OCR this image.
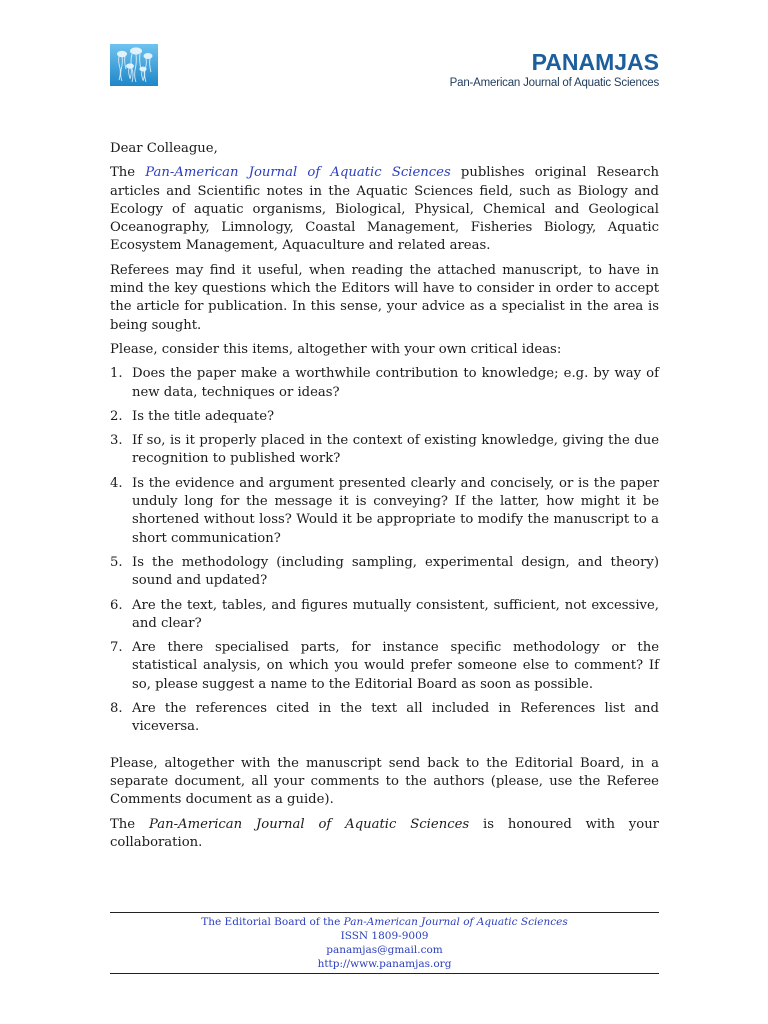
PANAMJAS
Pan-American Journal of Aquatic Sciences

Dear Colleague,

The Pan-American Journal of Aquatic Sciences publishes original Research articles and Scientific notes in the Aquatic Sciences field, such as Biology and Ecology of aquatic organisms, Biological, Physical, Chemical and Geological Oceanography, Limnology, Coastal Management, Fisheries Biology, Aquatic Ecosystem Management, Aquaculture and related areas.

Referees may find it useful, when reading the attached manuscript, to have in mind the key questions which the Editors will have to consider in order to accept the article for publication. In this sense, your advice as a specialist in the area is being sought.

Please, consider this items, altogether with your own critical ideas:

1. Does the paper make a worthwhile contribution to knowledge; e.g. by way of new data, techniques or ideas?
2. Is the title adequate?
3. If so, is it properly placed in the context of existing knowledge, giving the due recognition to published work?
4. Is the evidence and argument presented clearly and concisely, or is the paper unduly long for the message it is conveying? If the latter, how might it be shortened without loss? Would it be appropriate to modify the manuscript to a short communication?
5. Is the methodology (including sampling, experimental design, and theory) sound and updated?
6. Are the text, tables, and figures mutually consistent, sufficient, not excessive, and clear?
7. Are there specialised parts, for instance specific methodology or the statistical analysis, on which you would prefer someone else to comment? If so, please suggest a name to the Editorial Board as soon as possible.
8. Are the references cited in the text all included in References list and viceversa.

Please, altogether with the manuscript send back to the Editorial Board, in a separate document, all your comments to the authors (please, use the Referee Comments document as a guide).

The Pan-American Journal of Aquatic Sciences is honoured with your collaboration.

The Editorial Board of the Pan-American Journal of Aquatic Sciences
ISSN 1809-9009
panamjas@gmail.com
http://www.panamjas.org
